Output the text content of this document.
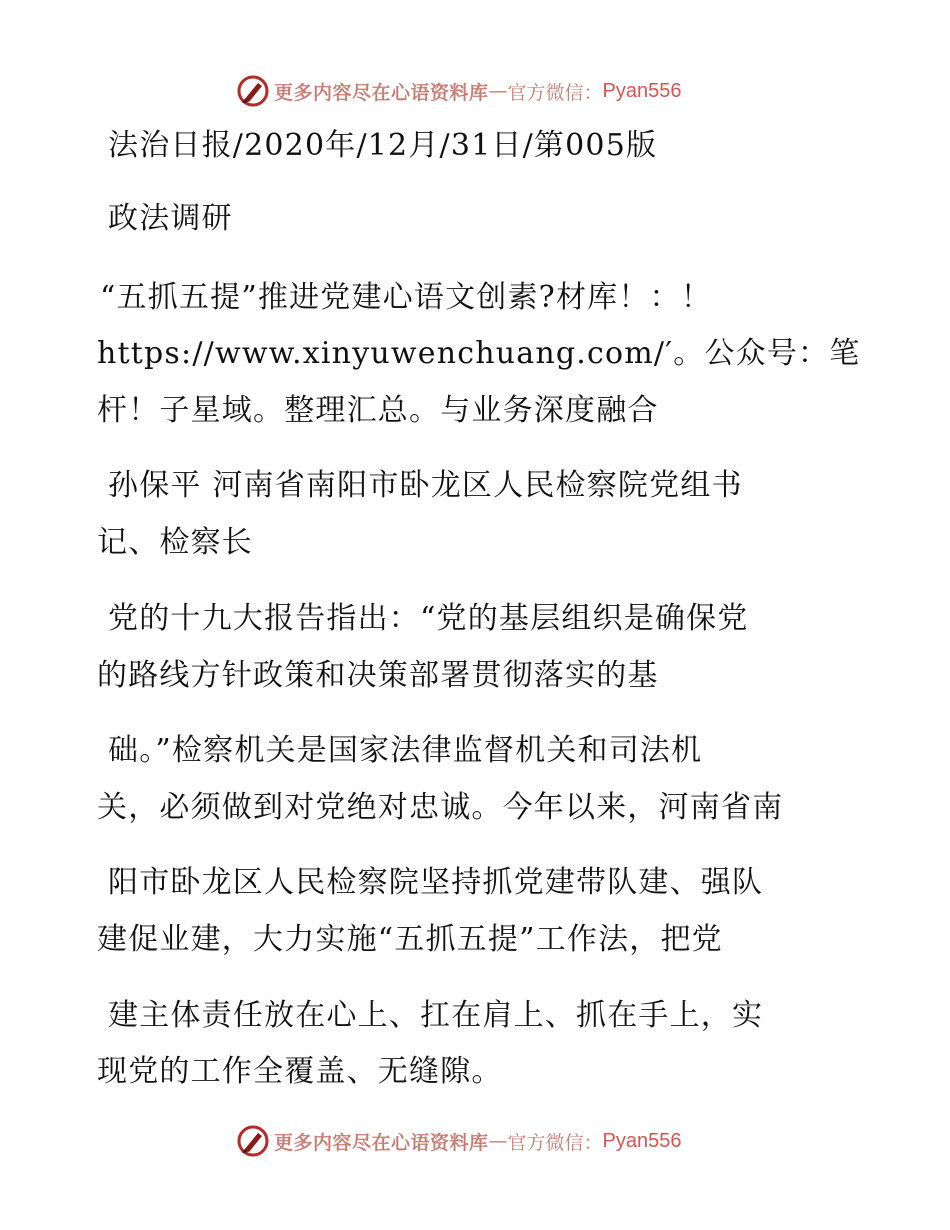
更多内容尽在心语资料库 — 官方微信： Pyan556
法治日报/2020年/12月/31日/第005版
政法调研
“五抓五提”推进党建心语文创素?材库！：！
https://www.xinyuwenchuang.com/′。公众号：笔
杆！子星域。整理汇总。与业务深度融合
孙保平 河南省南阳市卧龙区人民检察院党组书
记、检察长
党的十九大报告指出：“党的基层组织是确保党
的路线方针政策和决策部署贯彻落实的基
础。”检察机关是国家法律监督机关和司法机
关，必须做到对党绝对忠诚。今年以来，河南省南
阳市卧龙区人民检察院坚持抓党建带队建、强队
建促业建，大力实施“五抓五提”工作法，把党
建主体责任放在心上、扛在肩上、抓在手上，实
现党的工作全覆盖、无缝隙。
更多内容尽在心语资料库 — 官方微信： Pyan556
